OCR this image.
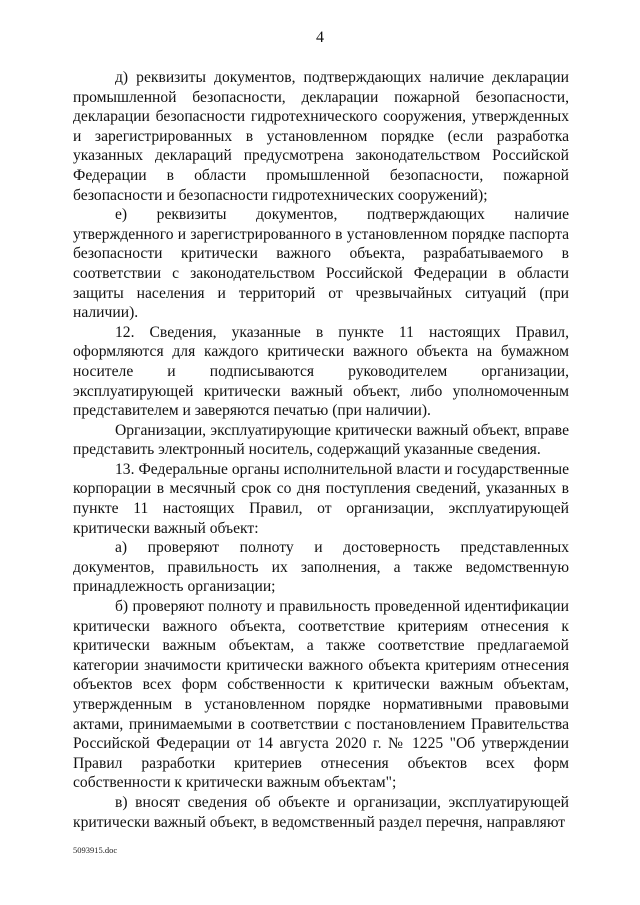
4

д) реквизиты документов, подтверждающих наличие декларации промышленной безопасности, декларации пожарной безопасности, декларации безопасности гидротехнического сооружения, утвержденных и зарегистрированных в установленном порядке (если разработка указанных деклараций предусмотрена законодательством Российской Федерации в области промышленной безопасности, пожарной безопасности и безопасности гидротехнических сооружений);

е) реквизиты документов, подтверждающих наличие утвержденного и зарегистрированного в установленном порядке паспорта безопасности критически важного объекта, разрабатываемого в соответствии с законодательством Российской Федерации в области защиты населения и территорий от чрезвычайных ситуаций (при наличии).

12. Сведения, указанные в пункте 11 настоящих Правил, оформляются для каждого критически важного объекта на бумажном носителе и подписываются руководителем организации, эксплуатирующей критически важный объект, либо уполномоченным представителем и заверяются печатью (при наличии).

Организации, эксплуатирующие критически важный объект, вправе представить электронный носитель, содержащий указанные сведения.

13. Федеральные органы исполнительной власти и государственные корпорации в месячный срок со дня поступления сведений, указанных в пункте 11 настоящих Правил, от организации, эксплуатирующей критически важный объект:

а) проверяют полноту и достоверность представленных документов, правильность их заполнения, а также ведомственную принадлежность организации;

б) проверяют полноту и правильность проведенной идентификации критически важного объекта, соответствие критериям отнесения к критически важным объектам, а также соответствие предлагаемой категории значимости критически важного объекта критериям отнесения объектов всех форм собственности к критически важным объектам, утвержденным в установленном порядке нормативными правовыми актами, принимаемыми в соответствии с постановлением Правительства Российской Федерации от 14 августа 2020 г. № 1225 "Об утверждении Правил разработки критериев отнесения объектов всех форм собственности к критически важным объектам";

в) вносят сведения об объекте и организации, эксплуатирующей критически важный объект, в ведомственный раздел перечня, направляют

5093915.doc
